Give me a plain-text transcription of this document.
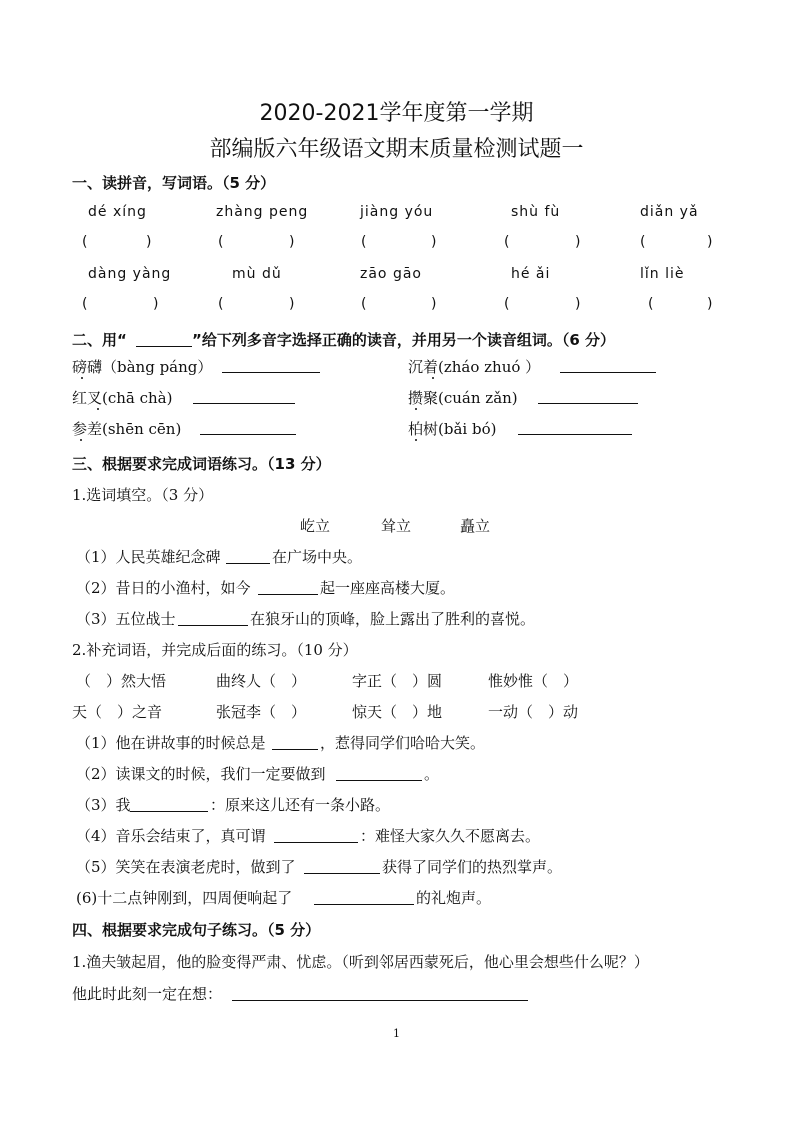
2020-2021学年度第一学期
部编版六年级语文期末质量检测试题一
一、读拼音，写词语。（5 分）
dé xíng	zhàng peng	jiàng yóu	shù fù	diǎn yǎ
(	)	(	)	(	)	(	)	(	)
dàng yàng	mù dǔ	zāo gāo	hé ǎi	lǐn liè
(	)	(	)	(	)	(	)	(	)
二、用“	”给下列多音字选择正确的读音，并用另一个读音组词。（6 分）
磅礴（bàng páng）	沉着(zháo zhuó ）
红叉(chā chà)	攒聚(cuán zǎn)
参差(shēn cēn)	柏树(bǎi bó)
三、根据要求完成词语练习。（13 分）
1.选词填空。（3 分）
屹立	耸立	矗立
（1）人民英雄纪念碑	在广场中央。
（2）昔日的小渔村，如今	起一座座高楼大厦。
（3）五位战士	在狼牙山的顶峰，脸上露出了胜利的喜悦。
2.补充词语，并完成后面的练习。（10 分）
（　）然大悟	曲终人（　）	字正（　）圆	惟妙惟（　）
天（　）之音	张冠李（　）	惊天（　）地	一动（　）动
（1）他在讲故事的时候总是	，惹得同学们哈哈大笑。
（2）读课文的时候，我们一定要做到	。
（3）我	：原来这儿还有一条小路。
（4）音乐会结束了，真可谓	：难怪大家久久不愿离去。
（5）笑笑在表演老虎时，做到了	获得了同学们的热烈掌声。
(6)十二点钟刚到，四周便响起了	的礼炮声。
四、根据要求完成句子练习。（5 分）
1.渔夫皱起眉，他的脸变得严肃、忧虑。（听到邻居西蒙死后，他心里会想些什么呢？）
他此时此刻一定在想：
1
